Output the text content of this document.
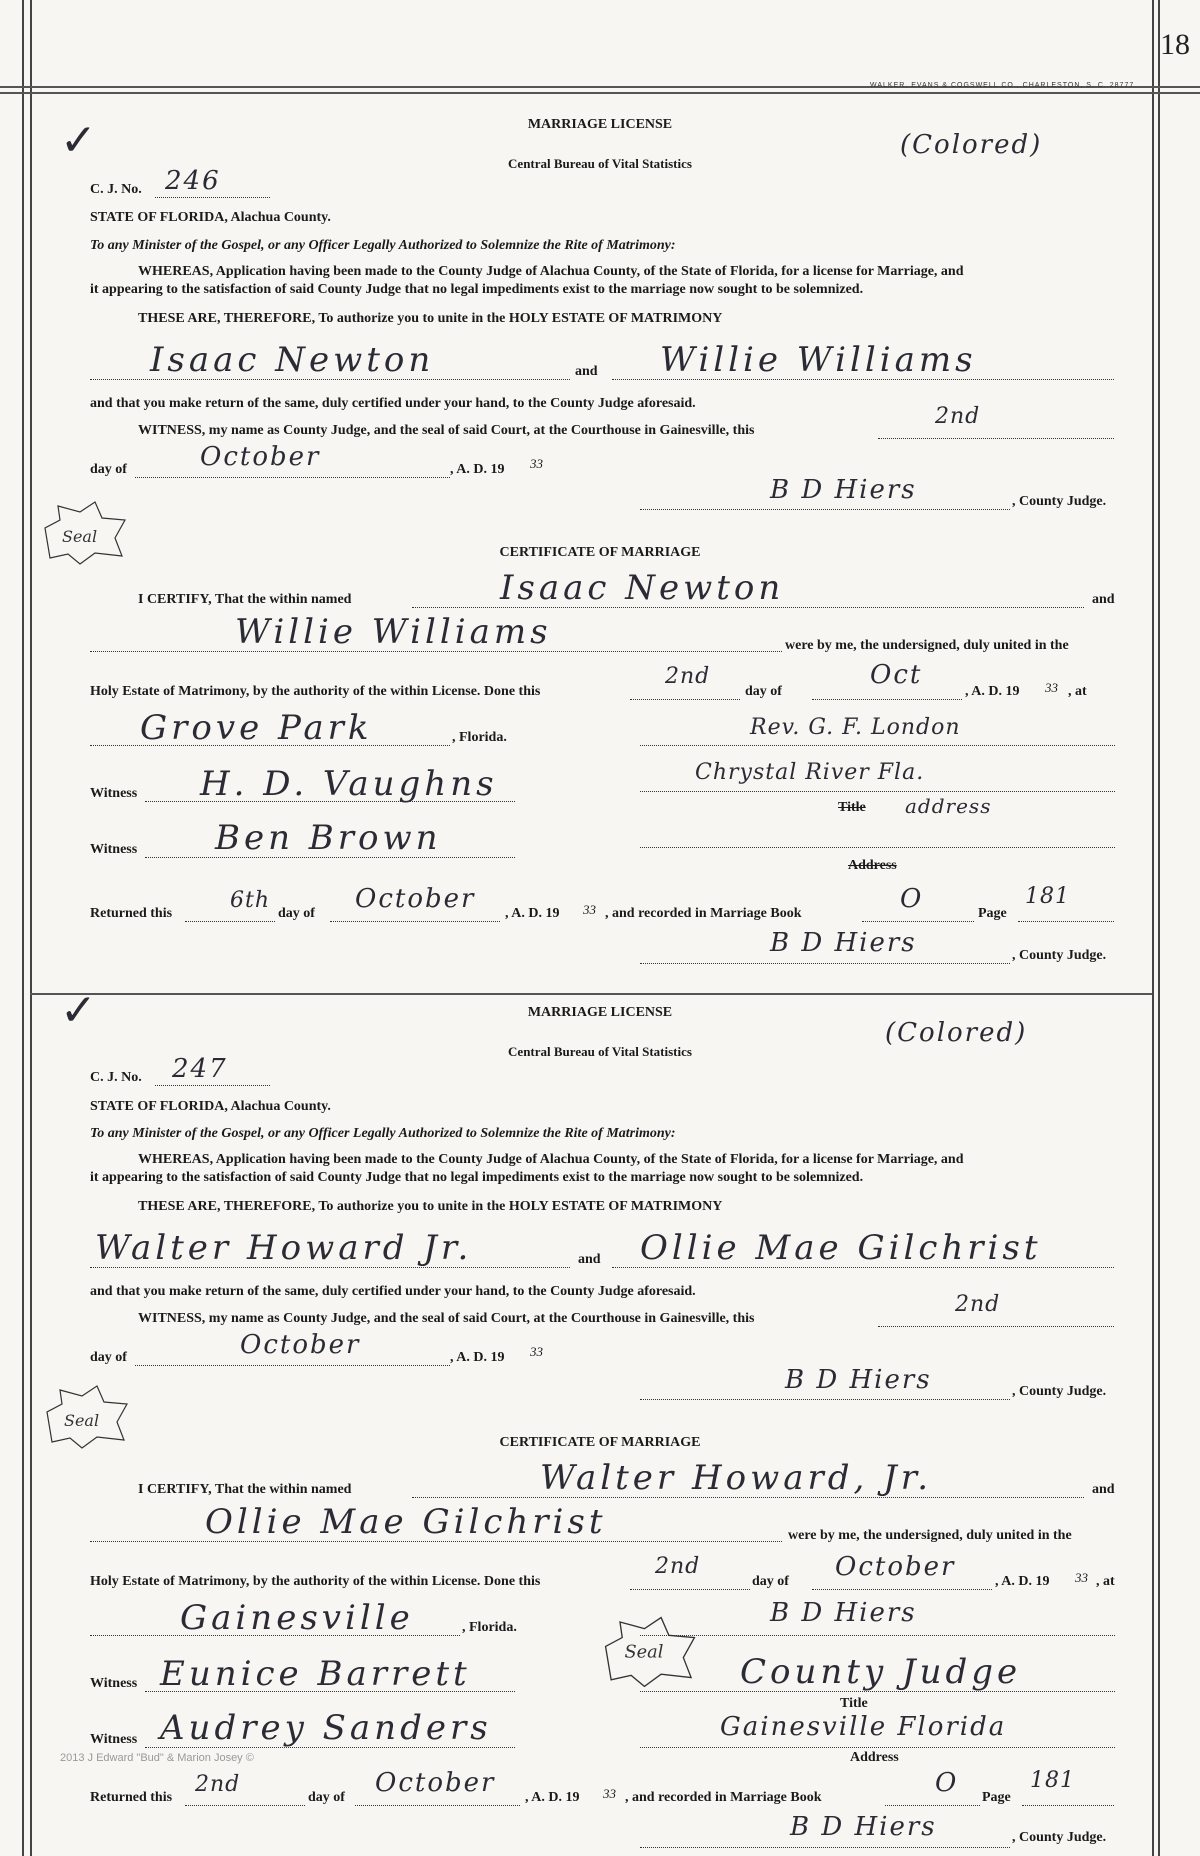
18
WALKER, EVANS & COGSWELL CO., CHARLESTON, S. C. 28777
✓	MARRIAGE LICENSE
Central Bureau of Vital Statistics
(Colored)
C. J. No. 246
STATE OF FLORIDA, Alachua County.
To any Minister of the Gospel, or any Officer Legally Authorized to Solemnize the Rite of Matrimony:
WHEREAS, Application having been made to the County Judge of Alachua County, of the State of Florida, for a license for Marriage, and
it appearing to the satisfaction of said County Judge that no legal impediments exist to the marriage now sought to be solemnized.
THESE ARE, THEREFORE, To authorize you to unite in the HOLY ESTATE OF MATRIMONY
Isaac Newton	and Willie Williams
and that you make return of the same, duly certified under your hand, to the County Judge aforesaid.
WITNESS, my name as County Judge, and the seal of said Court, at the Courthouse in Gainesville, this
2nd
day of	October	, A. D. 19 33
B D Hiers	, County Judge.
Seal
CERTIFICATE OF MARRIAGE
I CERTIFY, That the within named	Isaac Newton	and
Willie Williams	were by me, the undersigned, duly united in the
Holy Estate of Matrimony, by the authority of the within License. Done this
2nd
day of
Oct
, A. D. 19 33 , at
Grove Park	, Florida.	Rev. G. F. London
Witness H. D. Vaughns	Chrystal River Fla.
Title address
Witness Ben Brown
Address
Returned this
6th
day of October , A. D. 19 33 , and recorded in Marriage Book	O	Page
181
B D Hiers	, County Judge.
✓	MARRIAGE LICENSE
Central Bureau of Vital Statistics
(Colored)
C. J. No. 247
STATE OF FLORIDA, Alachua County.
To any Minister of the Gospel, or any Officer Legally Authorized to Solemnize the Rite of Matrimony:
WHEREAS, Application having been made to the County Judge of Alachua County, of the State of Florida, for a license for Marriage, and
it appearing to the satisfaction of said County Judge that no legal impediments exist to the marriage now sought to be solemnized.
THESE ARE, THEREFORE, To authorize you to unite in the HOLY ESTATE OF MATRIMONY
Walter Howard Jr.	and Ollie Mae Gilchrist
and that you make return of the same, duly certified under your hand, to the County Judge aforesaid.
WITNESS, my name as County Judge, and the seal of said Court, at the Courthouse in Gainesville, this
2nd
day of	October	, A. D. 19 33
B D Hiers	, County Judge.
Seal
CERTIFICATE OF MARRIAGE
I CERTIFY, That the within named	Walter Howard, Jr.	and
Ollie Mae Gilchrist	were by me, the undersigned, duly united in the
Holy Estate of Matrimony, by the authority of the within License. Done this
2nd
day of October	, A. D. 19 33 , at
Gainesville	, Florida.	B D Hiers
Seal
Witness Eunice Barrett	County Judge
Title
Witness Audrey Sanders	Gainesville Florida
Address
2013 J Edward "Bud" & Marion Josey ©
Returned this
2nd
day of October , A. D. 19 33 , and recorded in Marriage Book	O Page
181
B D Hiers	, County Judge.
